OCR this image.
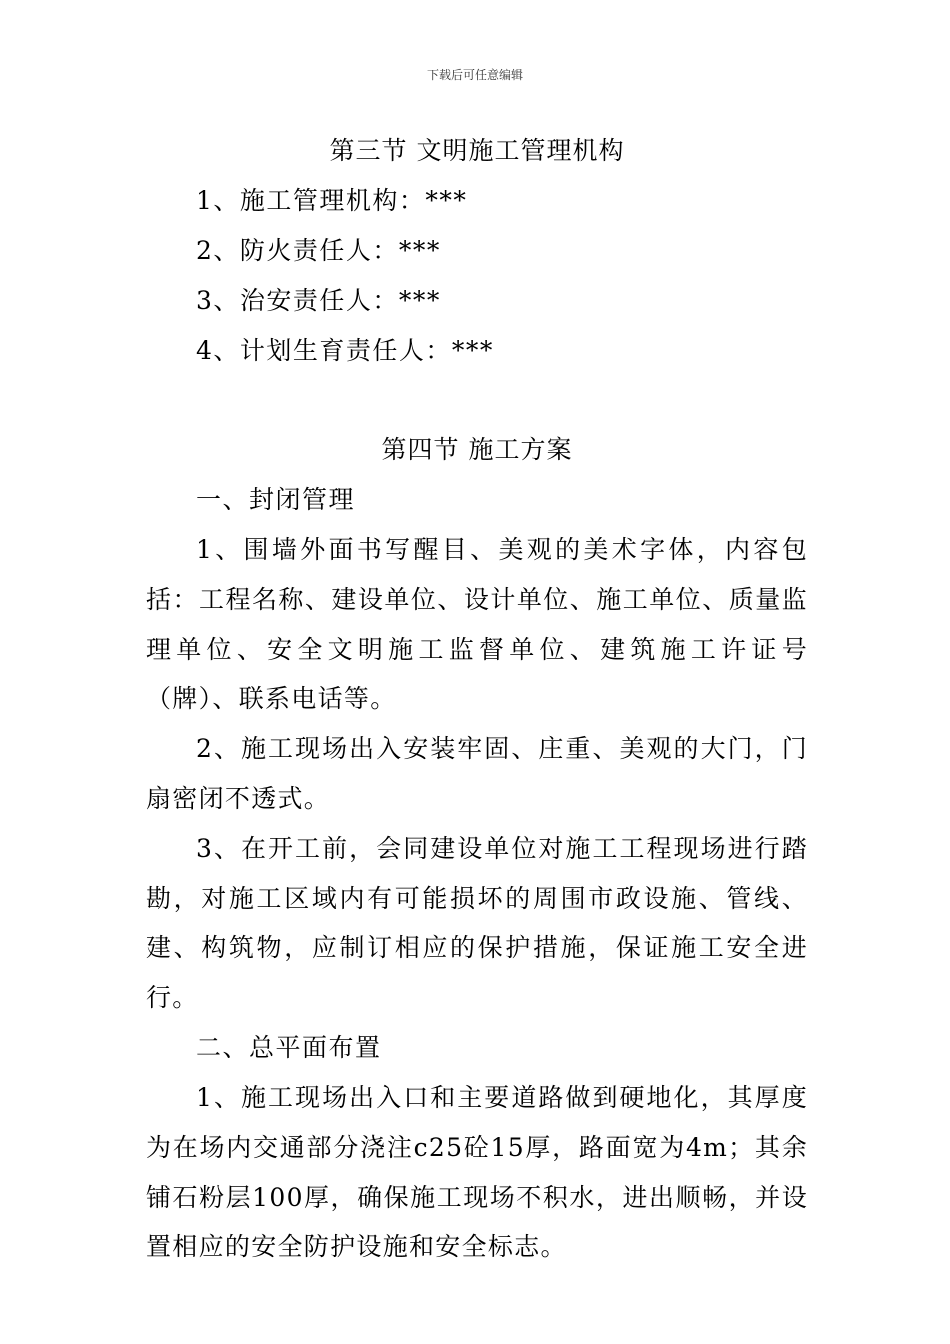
下载后可任意编辑
第三节 文明施工管理机构
1、施工管理机构：***
2、防火责任人：***
3、治安责任人：***
4、计划生育责任人：***
第四节 施工方案
一、封闭管理

1、围墙外面书写醒目、美观的美术字体，内容包括：工程名称、建设单位、设计单位、施工单位、质量监理单位、安全文明施工监督单位、建筑施工许证号（牌）、联系电话等。

2、施工现场出入安装牢固、庄重、美观的大门，门扇密闭不透式。

3、在开工前，会同建设单位对施工工程现场进行踏勘，对施工区域内有可能损坏的周围市政设施、管线、建、构筑物，应制订相应的保护措施，保证施工安全进行。

二、总平面布置

1、施工现场出入口和主要道路做到硬地化，其厚度为在场内交通部分浇注c25砼15厚，路面宽为4m；其余铺石粉层100厚，确保施工现场不积水，进出顺畅，并设置相应的安全防护设施和安全标志。
